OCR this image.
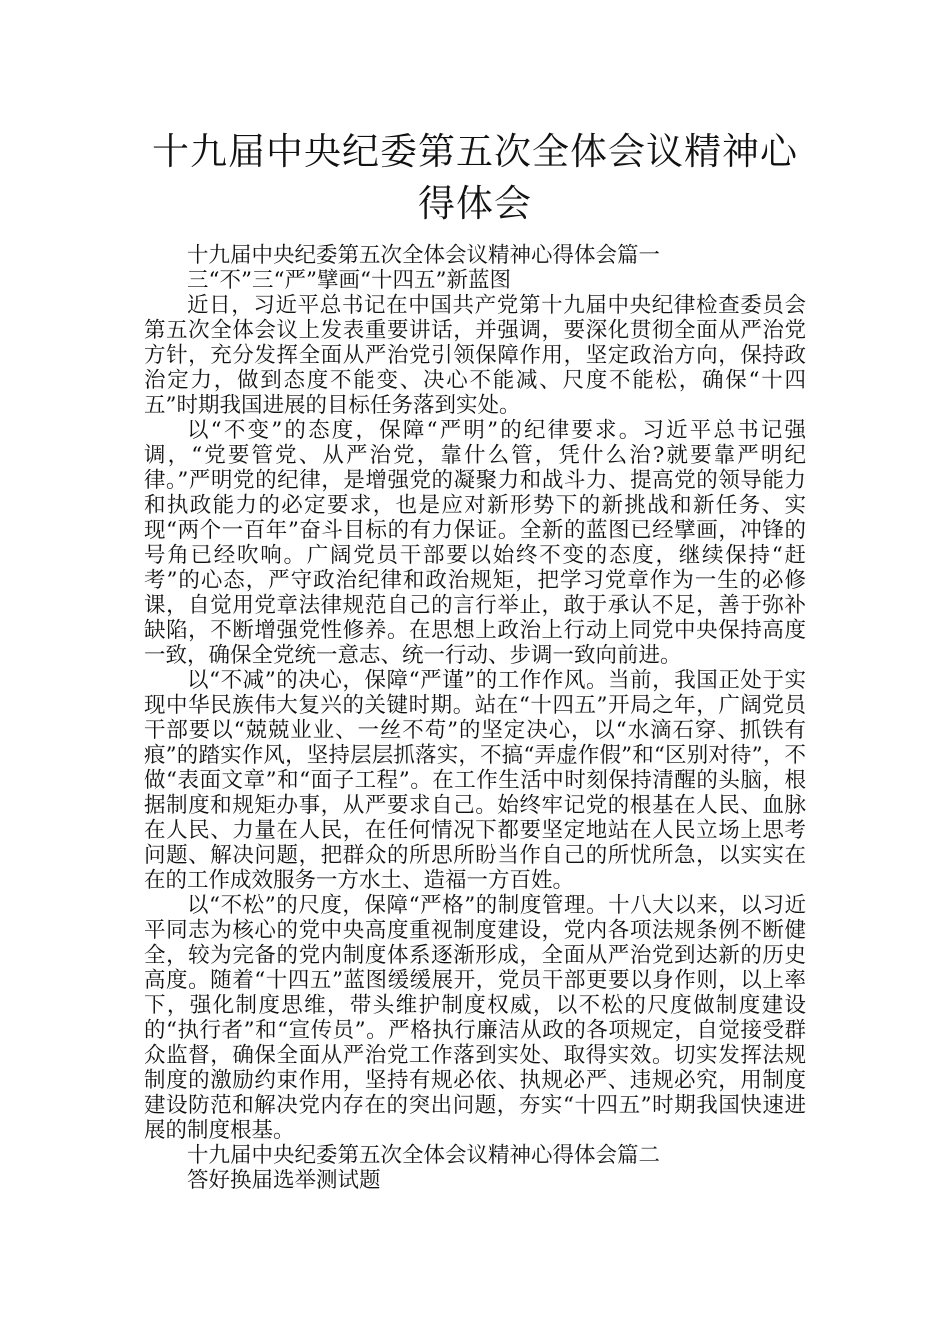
十九届中央纪委第五次全体会议精神心得体会

十九届中央纪委第五次全体会议精神心得体会篇一

三“不”三“严”擘画“十四五”新蓝图

近日，习近平总书记在中国共产党第十九届中央纪律检查委员会第五次全体会议上发表重要讲话，并强调，要深化贯彻全面从严治党方针，充分发挥全面从严治党引领保障作用，坚定政治方向，保持政治定力，做到态度不能变、决心不能减、尺度不能松，确保“十四五”时期我国进展的目标任务落到实处。

以“不变”的态度，保障“严明”的纪律要求。习近平总书记强调，“党要管党、从严治党，靠什么管，凭什么治?就要靠严明纪律。”严明党的纪律，是增强党的凝聚力和战斗力、提高党的领导能力和执政能力的必定要求，也是应对新形势下的新挑战和新任务、实现“两个一百年”奋斗目标的有力保证。全新的蓝图已经擘画，冲锋的号角已经吹响。广阔党员干部要以始终不变的态度，继续保持“赶考”的心态，严守政治纪律和政治规矩，把学习党章作为一生的必修课，自觉用党章法律规范自己的言行举止，敢于承认不足，善于弥补缺陷，不断增强党性修养。在思想上政治上行动上同党中央保持高度一致，确保全党统一意志、统一行动、步调一致向前进。

以“不减”的决心，保障“严谨”的工作作风。当前，我国正处于实现中华民族伟大复兴的关键时期。站在“十四五”开局之年，广阔党员干部要以“兢兢业业、一丝不苟”的坚定决心，以“水滴石穿、抓铁有痕”的踏实作风，坚持层层抓落实，不搞“弄虚作假”和“区别对待”，不做“表面文章”和“面子工程”。在工作生活中时刻保持清醒的头脑，根据制度和规矩办事，从严要求自己。始终牢记党的根基在人民、血脉在人民、力量在人民，在任何情况下都要坚定地站在人民立场上思考问题、解决问题，把群众的所思所盼当作自己的所忧所急，以实实在在的工作成效服务一方水土、造福一方百姓。

以“不松”的尺度，保障“严格”的制度管理。十八大以来，以习近平同志为核心的党中央高度重视制度建设，党内各项法规条例不断健全，较为完备的党内制度体系逐渐形成，全面从严治党到达新的历史高度。随着“十四五”蓝图缓缓展开，党员干部更要以身作则，以上率下，强化制度思维，带头维护制度权威，以不松的尺度做制度建设的“执行者”和“宣传员”。严格执行廉洁从政的各项规定，自觉接受群众监督，确保全面从严治党工作落到实处、取得实效。切实发挥法规制度的激励约束作用，坚持有规必依、执规必严、违规必究，用制度建设防范和解决党内存在的突出问题，夯实“十四五”时期我国快速进展的制度根基。

十九届中央纪委第五次全体会议精神心得体会篇二

答好换届选举测试题
